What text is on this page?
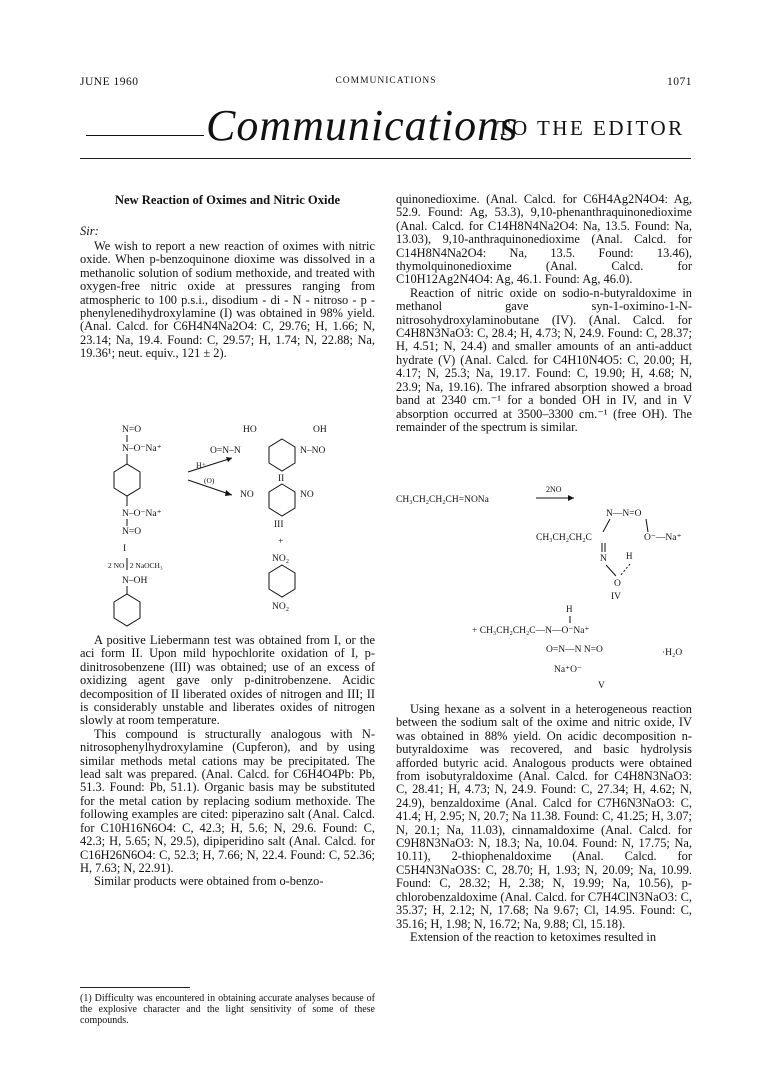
JUNE 1960	COMMUNICATIONS	1071
Communications
TO THE EDITOR
New Reaction of Oximes and Nitric Oxide
Sir:

We wish to report a new reaction of oximes with nitric oxide. When p-benzoquinone dioxime was dissolved in a methanolic solution of sodium methoxide, and treated with oxygen-free nitric oxide at pressures ranging from atmospheric to 100 p.s.i., disodium - di - N - nitroso - p - phenylenedihydroxylamine (I) was obtained in 98% yield. (Anal. Calcd. for C6H4N4Na2O4: C, 29.76; H, 1.66; N, 23.14; Na, 19.4. Found: C, 29.57; H, 1.74; N, 22.88; Na, 19.36¹; neut. equiv., 121 ± 2).

N=O
N–O⁻Na⁺
N–O⁻Na⁺
N=O
I
2 NO│2 NaOCH₃
N–OH
H⁺
(O)
HO	OH
O=N–N	N–NO
II
NO	NO
III
+
NO₂
NO₂

A positive Liebermann test was obtained from I, or the aci form II. Upon mild hypochlorite oxidation of I, p-dinitrosobenzene (III) was obtained; use of an excess of oxidizing agent gave only p-dinitrobenzene. Acidic decomposition of II liberated oxides of nitrogen and III; II is considerably unstable and liberates oxides of nitrogen slowly at room temperature.

This compound is structurally analogous with N-nitrosophenylhydroxylamine (Cupferon), and by using similar methods metal cations may be precipitated. The lead salt was prepared. (Anal. Calcd. for C6H4O4Pb: Pb, 51.3. Found: Pb, 51.1). Organic basis may be substituted for the metal cation by replacing sodium methoxide. The following examples are cited: piperazino salt (Anal. Calcd. for C10H16N6O4: C, 42.3; H, 5.6; N, 29.6. Found: C, 42.3; H, 5.65; N, 29.5), dipiperidino salt (Anal. Calcd. for C16H26N6O4: C, 52.3; H, 7.66; N, 22.4. Found: C, 52.36; H, 7.63; N, 22.91).

Similar products were obtained from o-benzo-

(1) Difficulty was encountered in obtaining accurate analyses because of the explosive character and the light sensitivity of some of these compounds.

quinonedioxime. (Anal. Calcd. for C6H4Ag2N4O4: Ag, 52.9. Found: Ag, 53.3), 9,10-phenanthraquinonedioxime (Anal. Calcd. for C14H8N4Na2O4: Na, 13.5. Found: Na, 13.03), 9,10-anthraquinonedioxime (Anal. Calcd. for C14H8N4Na2O4: Na, 13.5. Found: 13.46), thymolquinonedioxime (Anal. Calcd. for C10H12Ag2N4O4: Ag, 46.1. Found: Ag, 46.0).

Reaction of nitric oxide on sodio-n-butyraldoxime in methanol gave syn-1-oximino-1-N-nitrosohydroxylaminobutane (IV). (Anal. Calcd. for C4H8N3NaO3: C, 28.4; H, 4.73; N, 24.9. Found: C, 28.37; H, 4.51; N, 24.4) and smaller amounts of an anti-adduct hydrate (V) (Anal. Calcd. for C4H10N4O5: C, 20.00; H, 4.17; N, 25.3; Na, 19.17. Found: C, 19.90; H, 4.68; N, 23.9; Na, 19.16). The infrared absorption showed a broad band at 2340 cm.⁻¹ for a bonded OH in IV, and in V absorption occurred at 3500–3300 cm.⁻¹ (free OH). The remainder of the spectrum is similar.

CH₃CH₂CH₂CH=NONa
2NO
N—N=O
CH₃CH₂CH₂C	O⁻—Na⁺
N H
O
IV
H
+ CH₃CH₂CH₂C—N—O⁻Na⁺
O=N—N N=O	·H₂O
Na⁺O⁻
V

Using hexane as a solvent in a heterogeneous reaction between the sodium salt of the oxime and nitric oxide, IV was obtained in 88% yield. On acidic decomposition n-butyraldoxime was recovered, and basic hydrolysis afforded butyric acid. Analogous products were obtained from isobutyraldoxime (Anal. Calcd. for C4H8N3NaO3: C, 28.41; H, 4.73; N, 24.9. Found: C, 27.34; H, 4.62; N, 24.9), benzaldoxime (Anal. Calcd for C7H6N3NaO3: C, 41.4; H, 2.95; N, 20.7; Na 11.38. Found: C, 41.25; H, 3.07; N, 20.1; Na, 11.03), cinnamaldoxime (Anal. Calcd. for C9H8N3NaO3: N, 18.3; Na, 10.04. Found: N, 17.75; Na, 10.11), 2-thiophenaldoxime (Anal. Calcd. for C5H4N3NaO3S: C, 28.70; H, 1.93; N, 20.09; Na, 10.99. Found: C, 28.32; H, 2.38; N, 19.99; Na, 10.56), p-chlorobenzaldoxime (Anal. Calcd. for C7H4ClN3NaO3: C, 35.37; H, 2.12; N, 17.68; Na 9.67; Cl, 14.95. Found: C, 35.16; H, 1.98; N, 16.72; Na, 9.88; Cl, 15.18).

Extension of the reaction to ketoximes resulted in
